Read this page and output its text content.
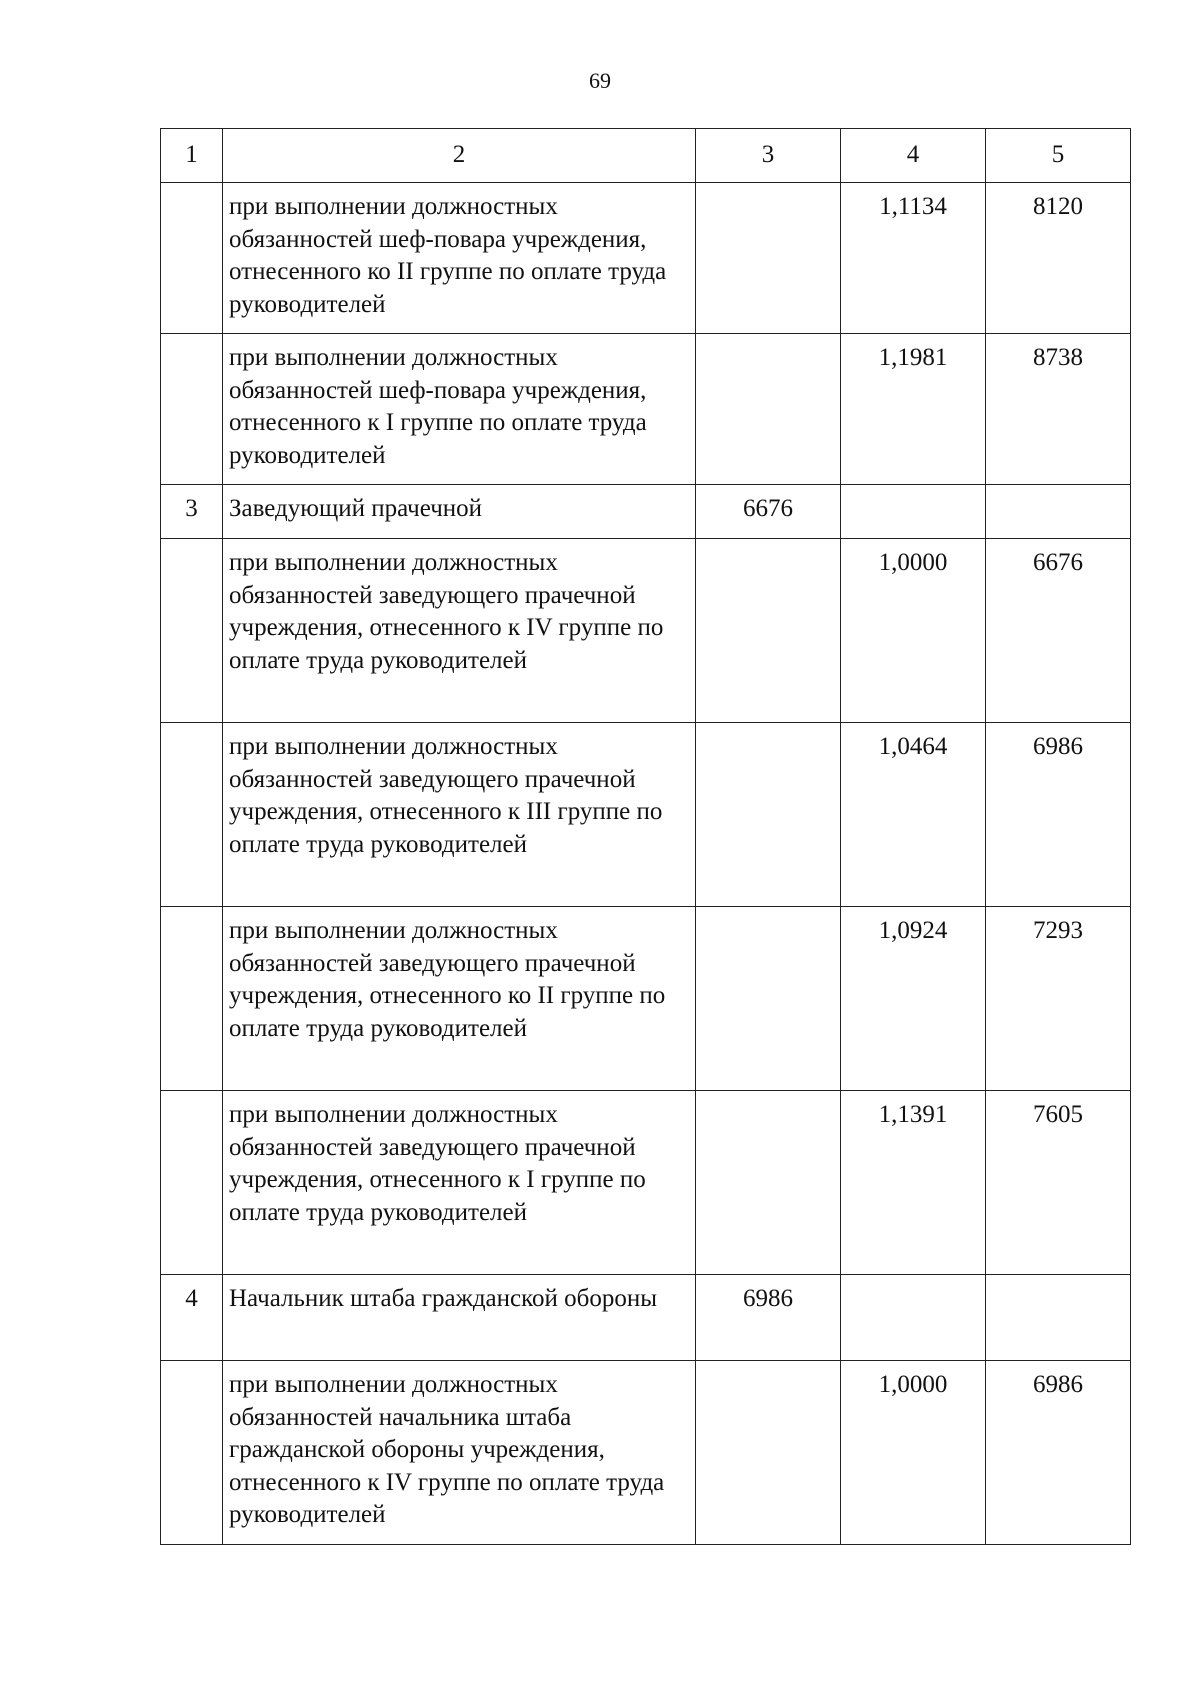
69
1	2	3	4	5
	при выполнении должностных обязанностей шеф-повара учреждения, отнесенного ко II группе по оплате труда руководителей		1,1134	8120
	при выполнении должностных обязанностей шеф-повара учреждения, отнесенного к I группе по оплате труда руководителей		1,1981	8738
3	Заведующий прачечной	6676		
	при выполнении должностных обязанностей заведующего прачечной учреждения, отнесенного к IV группе по оплате труда руководителей		1,0000	6676
	при выполнении должностных обязанностей заведующего прачечной учреждения, отнесенного к III группе по оплате труда руководителей		1,0464	6986
	при выполнении должностных обязанностей заведующего прачечной учреждения, отнесенного ко II группе по оплате труда руководителей		1,0924	7293
	при выполнении должностных обязанностей заведующего прачечной учреждения, отнесенного к I группе по оплате труда руководителей		1,1391	7605
4	Начальник штаба гражданской обороны	6986		
	при выполнении должностных обязанностей начальника штаба гражданской обороны учреждения, отнесенного к IV группе по оплате труда руководителей		1,0000	6986
